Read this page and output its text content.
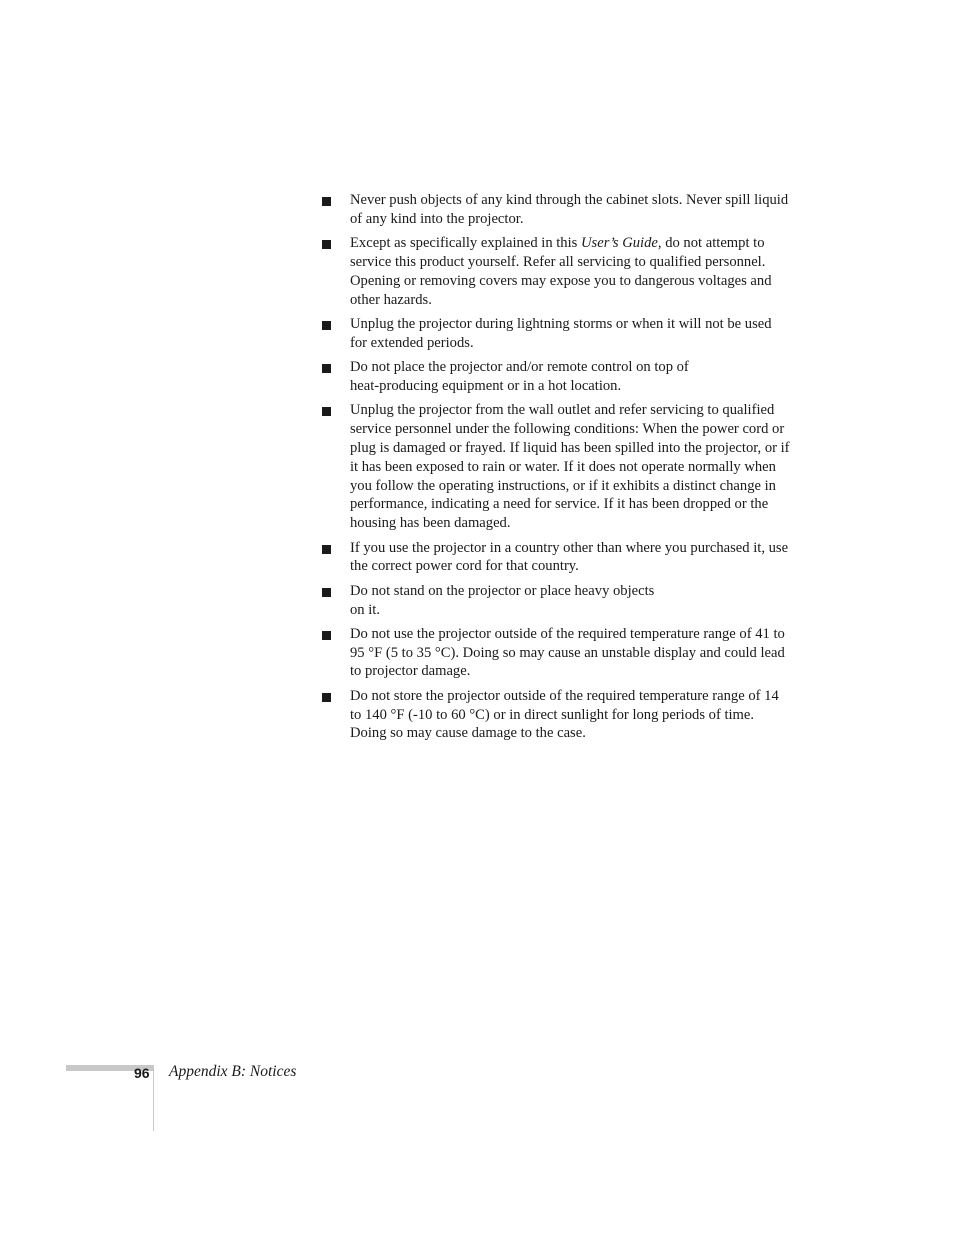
Never push objects of any kind through the cabinet slots. Never spill liquid of any kind into the projector.
Except as specifically explained in this User’s Guide, do not attempt to service this product yourself. Refer all servicing to qualified personnel. Opening or removing covers may expose you to dangerous voltages and other hazards.
Unplug the projector during lightning storms or when it will not be used for extended periods.
Do not place the projector and/or remote control on top of
heat-producing equipment or in a hot location.
Unplug the projector from the wall outlet and refer servicing to qualified service personnel under the following conditions: When the power cord or plug is damaged or frayed. If liquid has been spilled into the projector, or if it has been exposed to rain or water. If it does not operate normally when you follow the operating instructions, or if it exhibits a distinct change in performance, indicating a need for service. If it has been dropped or the housing has been damaged.
If you use the projector in a country other than where you purchased it, use the correct power cord for that country.
Do not stand on the projector or place heavy objects
on it.
Do not use the projector outside of the required temperature range of 41 to 95 °F (5 to 35 °C). Doing so may cause an unstable display and could lead to projector damage.
Do not store the projector outside of the required temperature range of 14 to 140 °F (-10 to 60 °C) or in direct sunlight for long periods of time. Doing so may cause damage to the case.
96 Appendix B: Notices
